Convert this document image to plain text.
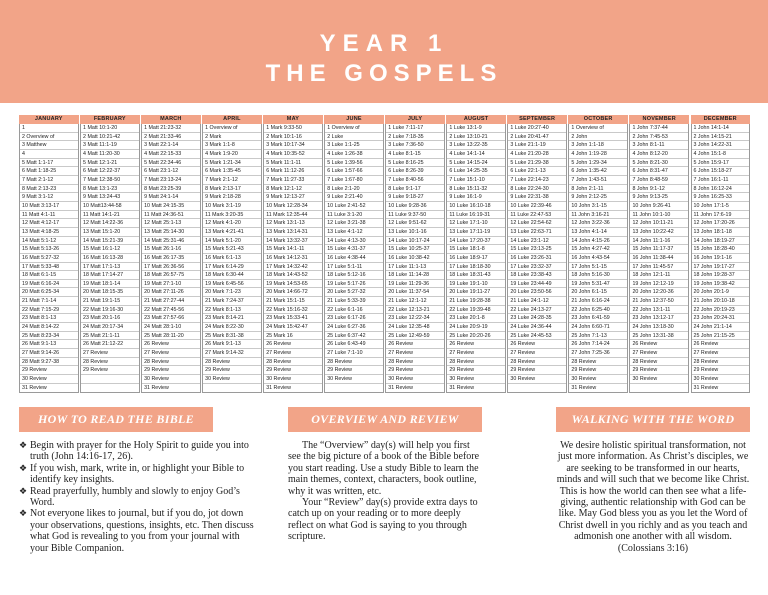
YEAR 1
THE GOSPELS
JANUARY
1
2 Overview of
3 Matthew
4
5 Matt 1:1-17
6 Matt 1:18-25
7 Matt 2:1-12
8 Matt 2:13-23
9 Matt 3:1-12
10 Matt 3:13-17
11 Matt 4:1-11
12 Matt 4:12-17
13 Matt 4:18-25
14 Matt 5:1-12
15 Matt 5:13-26
16 Matt 5:27-32
17 Matt 5:33-48
18 Matt 6:1-15
19 Matt 6:16-24
20 Matt 6:25-34
21 Matt 7:1-14
22 Matt 7:15-29
23 Matt 8:1-13
24 Matt 8:14-22
25 Matt 8:23-34
26 Matt 9:1-13
27 Matt 9:14-26
28 Matt 9:27-38
29 Review
30 Review
31 Review
FEBRUARY
1 Matt 10:1-20
2 Matt 10:21-42
3 Matt 11:1-19
4 Matt 11:20-30
5 Matt 12:1-21
6 Matt 12:22-37
7 Matt 12:38-50
8 Matt 13:1-23
9 Matt 13:24-43
10 Matt13:44-58
11 Matt 14:1-21
12 Matt 14:22-36
13 Matt 15:1-20
14 Matt 15:21-39
15 Matt 16:1-12
16 Matt 16:13-28
17 Matt 17:1-13
18 Matt 17:14-27
19 Matt 18:1-14
20 Matt 18:15-35
21 Matt 19:1-15
22 Matt 19:16-30
23 Matt 20:1-16
24 Matt 20:17-34
25 Matt 21:1-11
26 Matt 21:12-22
27 Review
28 Review
29 Review
MARCH
1 Matt 21:23-32
2 Matt 21:33-46
3 Matt 22:1-14
4 Matt 22:15-33
5 Matt 22:34-46
6 Matt 23:1-12
7 Matt 23:13-24
8 Matt 23:25-39
9 Matt 24:1-14
10 Matt 24:15-35
11 Matt 24:36-51
12 Matt 25:1-13
13 Matt 25:14-30
14 Matt 25:31-46
15 Matt 26:1-16
16 Matt 26:17-35
17 Matt 26:36-56
18 Matt 26:57-75
19 Matt 27:1-10
20 Matt 27:11-26
21 Matt 27:27-44
22 Matt 27:45-56
23 Matt 27:57-66
24 Matt 28:1-10
25 Matt 28:11-20
26 Review
27 Review
28 Review
29 Review
30 Review
31 Review
APRIL
1 Overview of
2 Mark
3 Mark 1:1-8
4 Mark 1:9-20
5 Mark 1:21-34
6 Mark 1:35-45
7 Mark 2:1-12
8 Mark 2:13-17
9 Mark 2:18-28
10 Mark 3:1-19
11 Mark 3:20-35
12 Mark 4:1-20
13 Mark 4:21-41
14 Mark 5:1-20
15 Mark 5:21-43
16 Mark 6:1-13
17 Mark 6:14-29
18 Mark 6:30-44
19 Mark 6:45-56
20 Mark 7:1-23
21 Mark 7:24-37
22 Mark 8:1-13
23 Mark 8:14-21
24 Mark 8:22-30
25 Mark 8:31-38
26 Mark 9:1-13
27 Mark 9:14-32
28 Review
29 Review
30 Review
MAY
1 Mark 9:33-50
2 Mark 10:1-16
3 Mark 10:17-34
4 Mark 10:35-52
5 Mark 11:1-11
6 Mark 11:12-26
7 Mark 11:27-33
8 Mark 12:1-12
9 Mark 12:13-27
10 Mark 12:28-34
11 Mark 12:35-44
12 Mark 13:1-13
13 Mark 13:14-31
14 Mark 13:32-37
15 Mark 14:1-11
16 Mark 14:12-31
17 Mark 14:32-42
18 Mark 14:43-52
19 Mark 14:53-65
20 Mark 14:66-72
21 Mark 15:1-15
22 Mark 15:16-32
23 Mark 15:33-41
24 Mark 15:42-47
25 Mark 16
26 Review
27 Review
28 Review
29 Review
30 Review
31 Review
JUNE
1 Overview of
2 Luke
3 Luke 1:1-25
4 Luke 1:26-38
5 Luke 1:39-56
6 Luke 1:57-66
7 Luke 1:67-80
8 Luke 2:1-20
9 Luke 2:21-40
10 Luke 2:41-52
11 Luke 3:1-20
12 Luke 3:21-38
13 Luke 4:1-12
14 Luke 4:13-30
15 Luke 4:31-37
16 Luke 4:38-44
17 Luke 5:1-11
18 Luke 5:12-16
19 Luke 5:17-26
20 Luke 5:27-32
21 Luke 5:33-39
22 Luke 6:1-16
23 Luke 6:17-26
24 Luke 6:27-36
25 Luke 6:37-42
26 Luke 6:43-49
27 Luke 7:1-10
28 Review
29 Review
30 Review
JULY
1 Luke 7:11-17
2 Luke 7:18-35
3 Luke 7:36-50
4 Luke 8:1-15
5 Luke 8:16-25
6 Luke 8:26-39
7 Luke 8:40-56
8 Luke 9:1-17
9 Luke 9:18-27
10 Luke 9:28-36
11 Luke 9:37-50
12 Luke 9:51-62
13 Luke 10:1-16
14 Luke 10:17-24
15 Luke 10:25-37
16 Luke 10:38-42
17 Luke 11:1-13
18 Luke 11:14-28
19 Luke 11:29-36
20 Luke 11:37-54
21 Luke 12:1-12
22 Luke 12:13-21
23 Luke 12:22-34
24 Luke 12:35-48
25 Luke 12:49-59
26 Review
27 Review
28 Review
29 Review
30 Review
31 Review
AUGUST
1 Luke 13:1-9
2 Luke 13:10-21
3 Luke 13:22-35
4 Luke 14:1-14
5 Luke 14:15-24
6 Luke 14:25-35
7 Luke 15:1-10
8 Luke 15:11-32
9 Luke 16:1-9
10 Luke 16:10-18
11 Luke 16:19-31
12 Luke 17:1-10
13 Luke 17:11-19
14 Luke 17:20-37
15 Luke 18:1-8
16 Luke 18:9-17
17 Luke 18:18-30
18 Luke 18:31-43
19 Luke 19:1-10
20 Luke 19:11-27
21 Luke 19:28-38
22 Luke 19:39-48
23 Luke 20:1-8
24 Luke 20:9-19
25 Luke 20:20-26
26 Review
27 Review
28 Review
29 Review
30 Review
31 Review
SEPTEMBER
1 Luke 20:27-40
2 Luke 20:41-47
3 Luke 21:1-19
4 Luke 21:20-28
5 Luke 21:29-38
6 Luke 22:1-13
7 Luke 22:14-23
8 Luke 22:24-30
9 Luke 22:31-38
10 Luke 22:39-46
11 Luke 22:47-53
12 Luke 22:54-62
13 Luke 22:63-71
14 Luke 23:1-12
15 Luke 23:13-25
16 Luke 23:26-31
17 Luke 23:32-37
18 Luke 23:38-43
19 Luke 23:44-49
20 Luke 23:50-56
21 Luke 24:1-12
22 Luke 24:13-27
23 Luke 24:28-35
24 Luke 24:36-44
25 Luke 24:45-53
26 Review
27 Review
28 Review
29 Review
30 Review
OCTOBER
1 Overview of
2 John
3 John 1:1-18
4 John 1:19-28
5 John 1:29-34
6 John 1:35-42
7 John 1:43-51
8 John 2:1-11
9 John 2:12-25
10 John 3:1-15
11 John 3:16-21
12 John 3:22-36
13 John 4:1-14
14 John 4:15-26
15 John 4:27-42
16 John 4:43-54
17 John 5:1-15
18 John 5:16-30
19 John 5:31-47
20 John 6:1-15
21 John 6:16-24
22 John 6:25-40
23 John 6:41-59
24 John 6:60-71
25 John 7:1-13
26 John 7:14-24
27 John 7:25-36
28 Review
29 Review
30 Review
31 Review
NOVEMBER
1 John 7:37-44
2 John 7:45-53
3 John 8:1-11
4 John 8:12-20
5 John 8:21-30
6 John 8:31-47
7 John 8:48-59
8 John 9:1-12
9 John 9:13-25
10 John 9:26-41
11 John 10:1-10
12 John 10:11-21
13 John 10:22-42
14 John 11:1-16
15 John 11:17-37
16 John 11:38-44
17 John 11:45-57
18 John 12:1-11
19 John 12:12-19
20 John 12:20-36
21 John 12:37-50
22 John 13:1-11
23 John 13:12-17
24 John 13:18-30
25 John 13:31-38
26 Review
27 Review
28 Review
29 Review
30 Review
DECEMBER
1 John 14:1-14
2 John 14:15-21
3 John 14:22-31
4 John 15:1-8
5 John 15:9-17
6 John 15:18-27
7 John 16:1-11
8 John 16:12-24
9 John 16:25-33
10 John 17:1-5
11 John 17:6-19
12 John 17:20-26
13 John 18:1-18
14 John 18:19-27
15 John 18:28-40
16 John 19:1-16
17 John 19:17-27
18 John 19:28-37
19 John 19:38-42
20 John 20:1-9
21 John 20:10-18
22 John 20:19-23
23 John 20:24-31
24 John 21:1-14
25 John 21:15-25
26 Review
27 Review
28 Review
29 Review
30 Review
31 Review
HOW TO READ THE BIBLE	OVERVIEW AND REVIEW	WALKING WITH THE WORD
❖ Begin with prayer for the Holy Spirit to guide you into truth (John 14:16-17, 26).
❖ If you wish, mark, write in, or highlight your Bible to identify key insights.
❖ Read prayerfully, humbly and slowly to enjoy God’s Word.
❖ Not everyone likes to journal, but if you do, jot down your observations, questions, insights, etc. Then discuss what God is revealing to you from your journal with your Bible Companion.

The “Overview” day(s) will help you first see the big picture of a book of the Bible before you start reading. Use a study Bible to learn the main themes, context, characters, book outline, why it was written, etc.

Your “Review” day(s) provide extra days to catch up on your reading or to more deeply reflect on what God is saying to you through scripture.

We desire holistic spiritual transformation, not just more information. As Christ’s disciples, we are seeking to be transformed in our hearts, minds and will such that we become like Christ.

This is how the world can then see what a life-giving, authentic relationship with God can be like. May God bless you as you let the Word of Christ dwell in you richly and as you teach and admonish one another with all wisdom. (Colossians 3:16)
